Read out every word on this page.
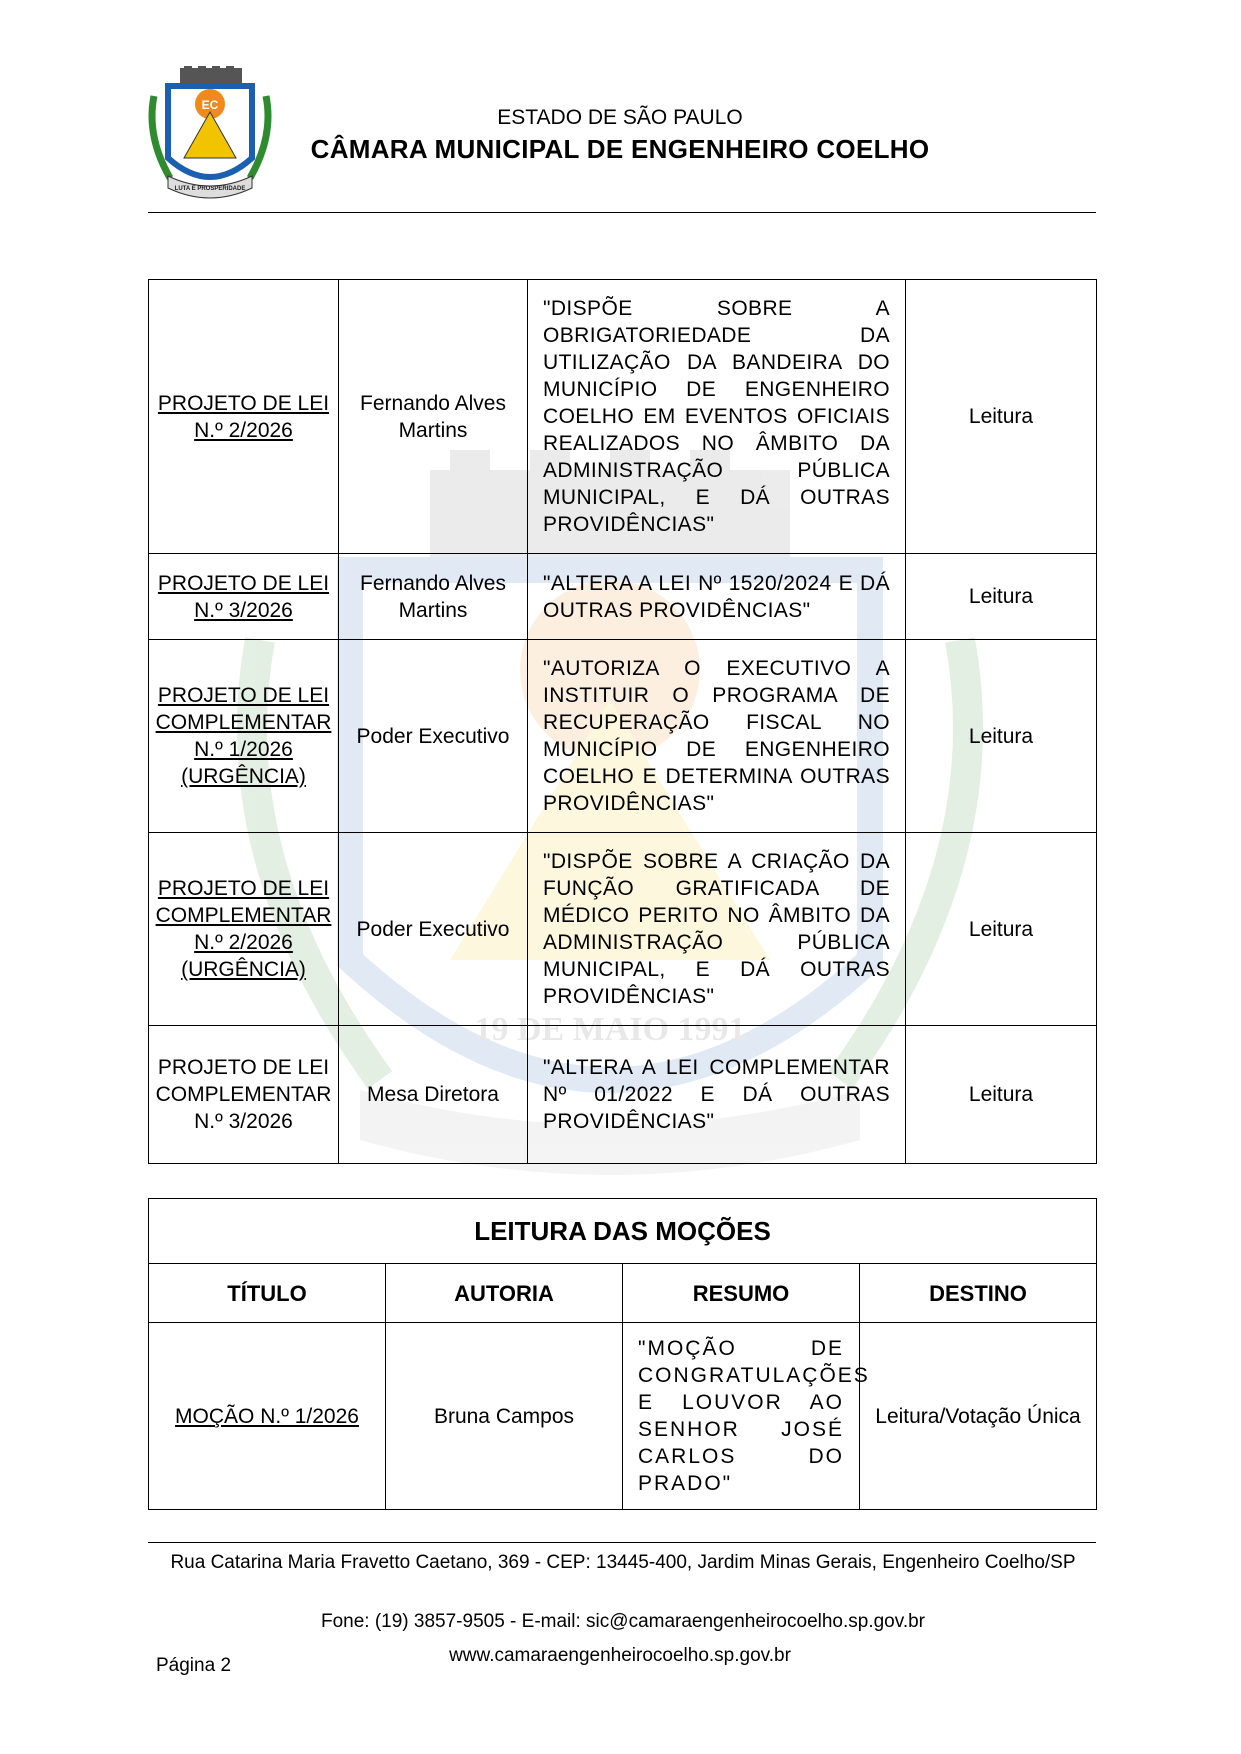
19 DE MAIO 1991
EC
LUTA E PROSPERIDADE
ESTADO DE SÃO PAULO
CÂMARA MUNICIPAL DE ENGENHEIRO COELHO
PROJETO DE LEI N.º 2/2026	Fernando Alves Martins	"DISPÕE SOBRE A OBRIGATORIEDADE DA UTILIZAÇÃO DA BANDEIRA DO MUNICÍPIO DE ENGENHEIRO COELHO EM EVENTOS OFICIAIS REALIZADOS NO ÂMBITO DA ADMINISTRAÇÃO PÚBLICA MUNICIPAL, E DÁ OUTRAS PROVIDÊNCIAS"	Leitura
PROJETO DE LEI N.º 3/2026	Fernando Alves Martins	"ALTERA A LEI Nº 1520/2024 E DÁ OUTRAS PROVIDÊNCIAS"	Leitura
PROJETO DE LEI COMPLEMENTAR N.º 1/2026 (URGÊNCIA)	Poder Executivo	"AUTORIZA O EXECUTIVO A INSTITUIR O PROGRAMA DE RECUPERAÇÃO FISCAL NO MUNICÍPIO DE ENGENHEIRO COELHO E DETERMINA OUTRAS PROVIDÊNCIAS"	Leitura
PROJETO DE LEI COMPLEMENTAR N.º 2/2026 (URGÊNCIA)	Poder Executivo	"DISPÕE SOBRE A CRIAÇÃO DA FUNÇÃO GRATIFICADA DE MÉDICO PERITO NO ÂMBITO DA ADMINISTRAÇÃO PÚBLICA MUNICIPAL, E DÁ OUTRAS PROVIDÊNCIAS"	Leitura
PROJETO DE LEI COMPLEMENTAR N.º 3/2026	Mesa Diretora	"ALTERA A LEI COMPLEMENTAR Nº 01/2022 E DÁ OUTRAS PROVIDÊNCIAS"	Leitura
LEITURA DAS MOÇÕES			
TÍTULO	AUTORIA	RESUMO	DESTINO
MOÇÃO N.º 1/2026	Bruna Campos	"MOÇÃO DE CONGRATULAÇÕES E LOUVOR AO SENHOR JOSÉ CARLOS DO PRADO"	Leitura/Votação Única
Rua Catarina Maria Fravetto Caetano, 369 - CEP: 13445-400, Jardim Minas Gerais, Engenheiro Coelho/SP
Fone: (19) 3857-9505 - E-mail: sic@camaraengenheirocoelho.sp.gov.br
www.camaraengenheirocoelho.sp.gov.br
Página 2
